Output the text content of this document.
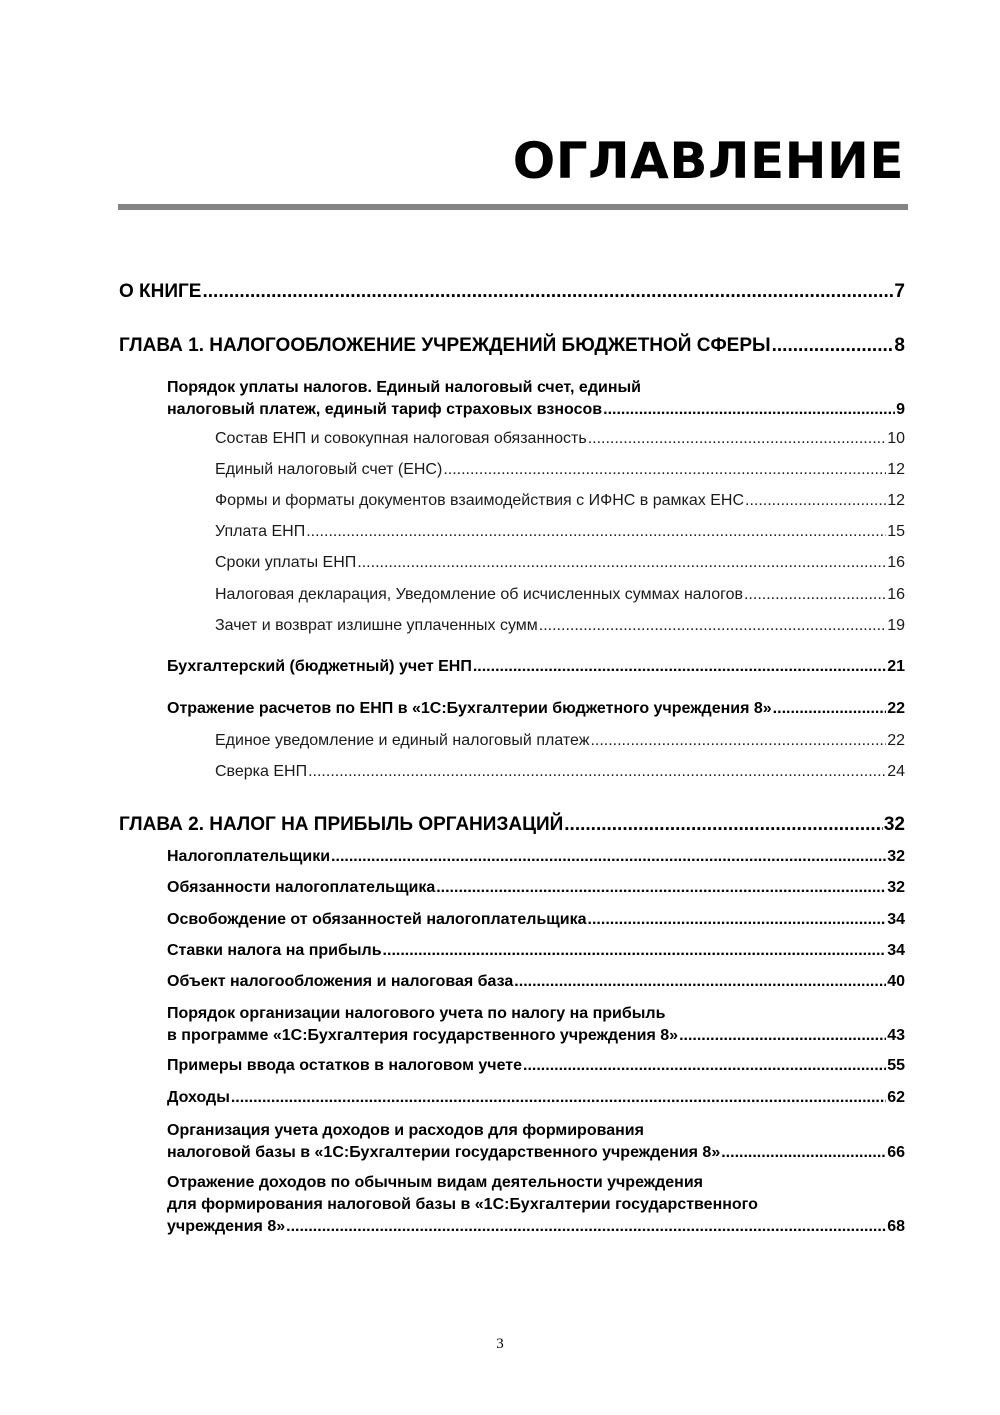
ОГЛАВЛЕНИЕ
О КНИГЕ .....	7
ГЛАВА 1. НАЛОГООБЛОЖЕНИЕ УЧРЕЖДЕНИЙ БЮДЖЕТНОЙ СФЕРЫ .....	8
Порядок уплаты налогов. Единый налоговый счет, единый
налоговый платеж, единый тариф страховых взносов .....	9
Состав ЕНП и совокупная налоговая обязанность .....	10
Единый налоговый счет (ЕНС) .....	12
Формы и форматы документов взаимодействия с ИФНС в рамках ЕНС .....	12
Уплата ЕНП .....	15
Сроки уплаты ЕНП .....	16
Налоговая декларация, Уведомление об исчисленных суммах налогов .....	16
Зачет и возврат излишне уплаченных сумм .....	19
Бухгалтерский (бюджетный) учет ЕНП .....	21
Отражение расчетов по ЕНП в «1С:Бухгалтерии бюджетного учреждения 8» .....	22
Единое уведомление и единый налоговый платеж .....	22
Сверка ЕНП .....	24
ГЛАВА 2. НАЛОГ НА ПРИБЫЛЬ ОРГАНИЗАЦИЙ .....	32
Налогоплательщики .....	32
Обязанности налогоплательщика .....	32
Освобождение от обязанностей налогоплательщика .....	34
Ставки налога на прибыль .....	34
Объект налогообложения и налоговая база .....	40
Порядок организации налогового учета по налогу на прибыль
в программе «1С:Бухгалтерия государственного учреждения 8» .....	43
Примеры ввода остатков в налоговом учете .....	55
Доходы .....	62
Организация учета доходов и расходов для формирования
налоговой базы в «1С:Бухгалтерии государственного учреждения 8» .....	66
Отражение доходов по обычным видам деятельности учреждения
для формирования налоговой базы в «1С:Бухгалтерии государственного
учреждения 8» .....	68
3
